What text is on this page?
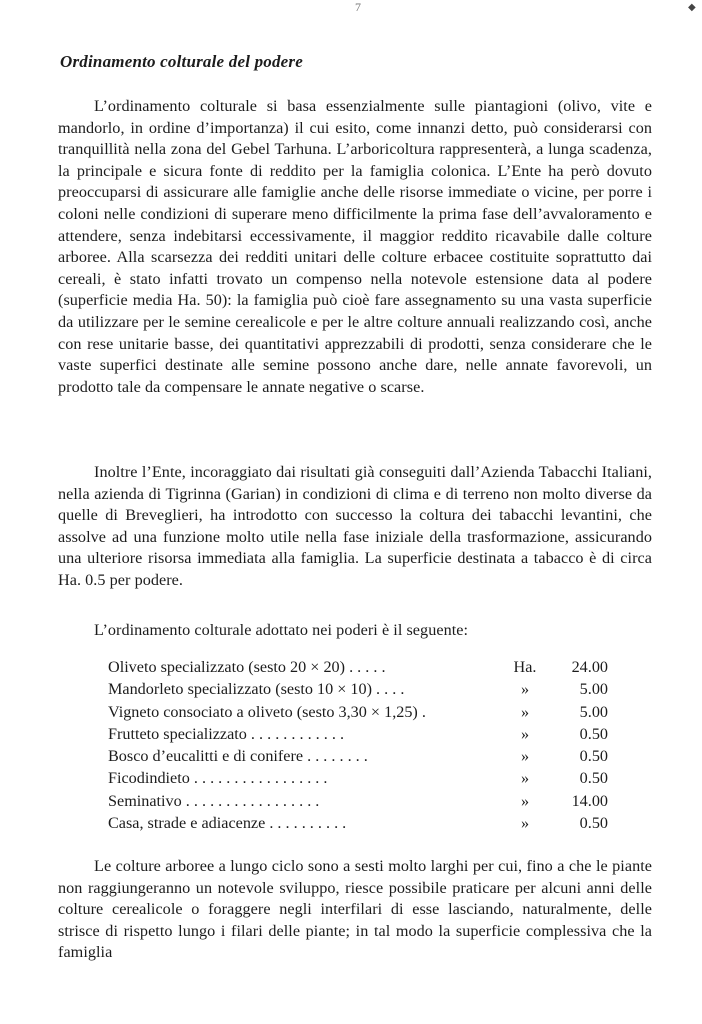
7	◆
Ordinamento colturale del podere

L’ordinamento colturale si basa essenzialmente sulle piantagioni (olivo, vite e mandorlo, in ordine d’importanza) il cui esito, come innanzi detto, può considerarsi con tranquillità nella zona del Gebel Tarhuna. L’arboricoltura rappresenterà, a lunga scadenza, la principale e sicura fonte di reddito per la famiglia colonica. L’Ente ha però dovuto preoccuparsi di assicurare alle famiglie anche delle risorse immediate o vicine, per porre i coloni nelle condizioni di superare meno difficilmente la prima fase dell’avvaloramento e attendere, senza indebitarsi eccessivamente, il maggior reddito ricavabile dalle colture arboree. Alla scarsezza dei redditi unitari delle colture erbacee costituite soprattutto dai cereali, è stato infatti trovato un compenso nella notevole estensione data al podere (superficie media Ha. 50): la famiglia può cioè fare assegnamento su una vasta superficie da utilizzare per le semine cerealicole e per le altre colture annuali realizzando così, anche con rese unitarie basse, dei quantitativi apprezzabili di prodotti, senza considerare che le vaste superfici destinate alle semine possono anche dare, nelle annate favorevoli, un prodotto tale da compensare le annate negative o scarse.

Inoltre l’Ente, incoraggiato dai risultati già conseguiti dall’Azienda Tabacchi Italiani, nella azienda di Tigrinna (Garian) in condizioni di clima e di terreno non molto diverse da quelle di Breveglieri, ha introdotto con successo la coltura dei tabacchi levantini, che assolve ad una funzione molto utile nella fase iniziale della trasformazione, assicurando una ulteriore risorsa immediata alla famiglia. La superficie destinata a tabacco è di circa Ha. 0.5 per podere.

L’ordinamento colturale adottato nei poderi è il seguente:

Oliveto specializzato (sesto 20 × 20) . . . . .	Ha.	24.00
Mandorleto specializzato (sesto 10 × 10) . . . .	»	5.00
Vigneto consociato a oliveto (sesto 3,30 × 1,25) .	»	5.00
Frutteto specializzato . . . . . . . . . . . .	»	0.50
Bosco d’eucalitti e di conifere . . . . . . . .	»	0.50
Ficodindieto . . . . . . . . . . . . . . . . .	»	0.50
Seminativo . . . . . . . . . . . . . . . . .	»	14.00
Casa, strade e adiacenze . . . . . . . . . .	»	0.50

Le colture arboree a lungo ciclo sono a sesti molto larghi per cui, fino a che le piante non raggiungeranno un notevole sviluppo, riesce possibile praticare per alcuni anni delle colture cerealicole o foraggere negli interfilari di esse lasciando, naturalmente, delle strisce di rispetto lungo i filari delle piante; in tal modo la superficie complessiva che la famiglia
